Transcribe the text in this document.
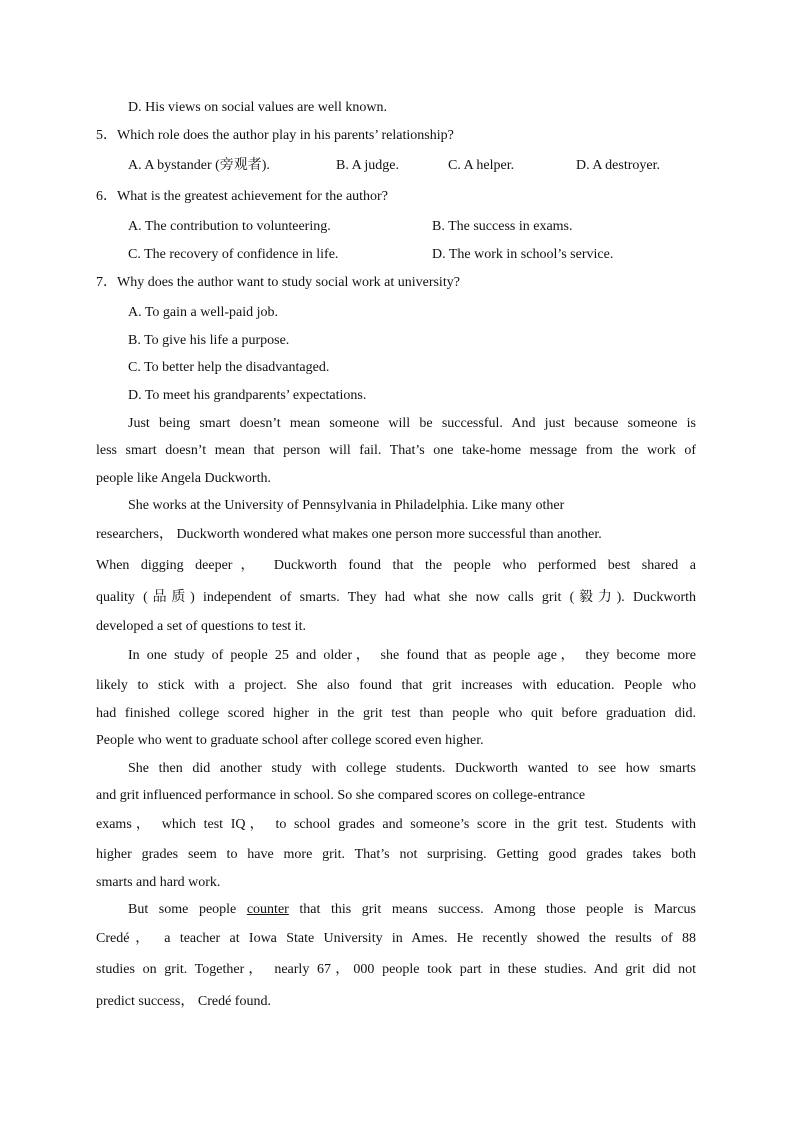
D. His views on social values are well known.
5．Which role does the author play in his parents’ relationship?
A. A bystander (旁观者).	B. A judge.	C. A helper.	D. A destroyer.
6．What is the greatest achievement for the author?
A. The contribution to volunteering.	B. The success in exams.
C. The recovery of confidence in life.	D. The work in school’s service.
7．Why does the author want to study social work at university?
A. To gain a well-paid job.
B. To give his life a purpose.
C. To better help the disadvantaged.
D. To meet his grandparents’ expectations.
Just being smart doesn’t mean someone will be successful. And just because someone is
less smart doesn’t mean that person will fail. That’s one take-home message from the work of
people like Angela Duckworth.
She works at the University of Pennsylvania in Philadelphia. Like many other
researchers， Duckworth wondered what makes one person more successful than another.
When digging deeper， Duckworth found that the people who performed best shared a
quality (品质) independent of smarts. They had what she now calls grit (毅力). Duckworth
developed a set of questions to test it.
In one study of people 25 and older， she found that as people age， they become more
likely to stick with a project. She also found that grit increases with education. People who
had finished college scored higher in the grit test than people who quit before graduation did.
People who went to graduate school after college scored even higher.
She then did another study with college students. Duckworth wanted to see how smarts
and grit influenced performance in school. So she compared scores on college-entrance
exams， which test IQ， to school grades and someone’s score in the grit test. Students with
higher grades seem to have more grit. That’s not surprising. Getting good grades takes both
smarts and hard work.
But some people counter that this grit means success. Among those people is Marcus
Credé， a teacher at Iowa State University in Ames. He recently showed the results of 88
studies on grit. Together， nearly 67，000 people took part in these studies. And grit did not
predict success， Credé found.
